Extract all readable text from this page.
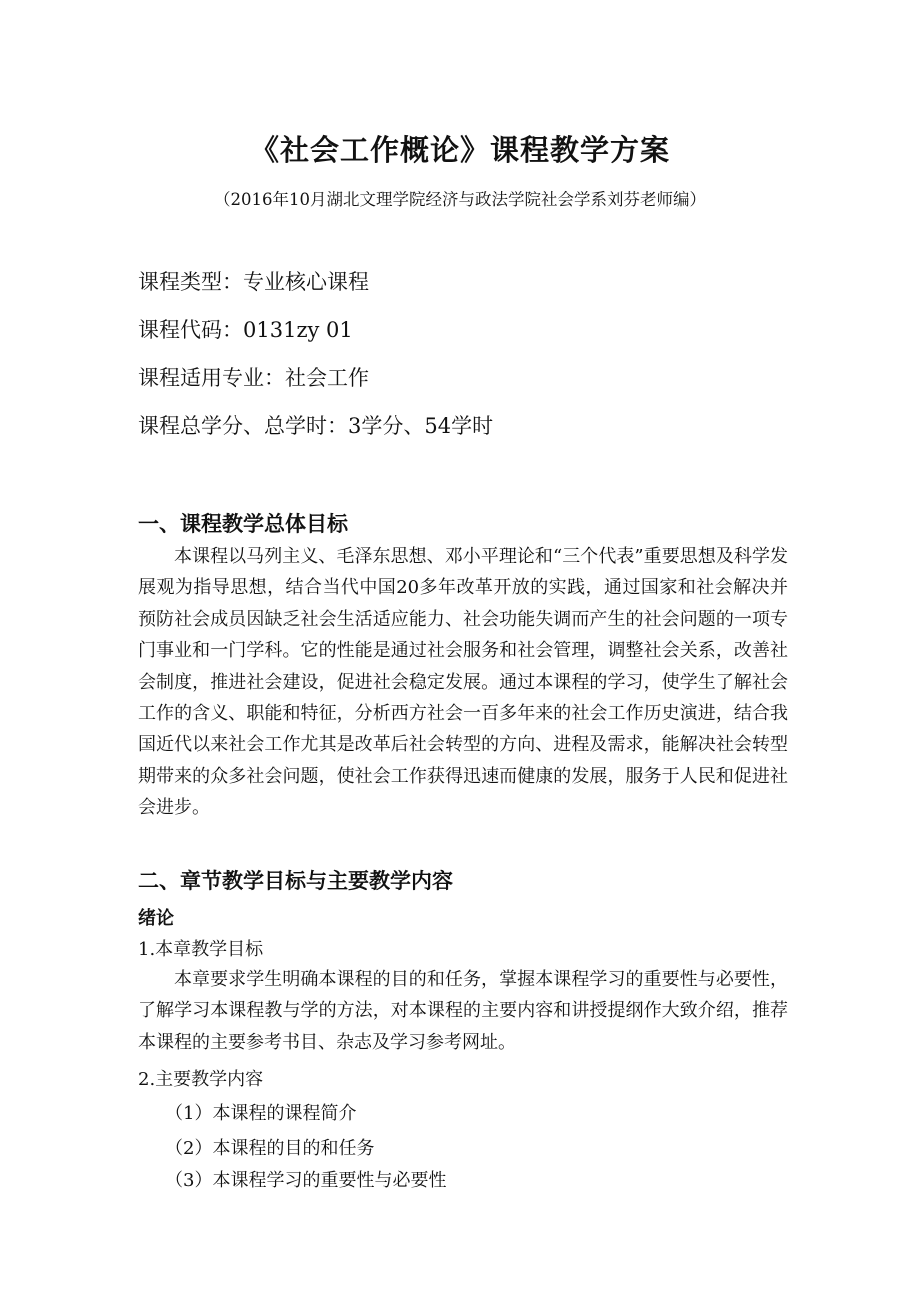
《社会工作概论》课程教学方案
（2016年10月湖北文理学院经济与政法学院社会学系刘芬老师编）
课程类型：专业核心课程
课程代码：0131zy 01
课程适用专业：社会工作
课程总学分、总学时：3学分、54学时
一、课程教学总体目标

本课程以马列主义、毛泽东思想、邓小平理论和“三个代表”重要思想及科学发展观为指导思想，结合当代中国20多年改革开放的实践，通过国家和社会解决并预防社会成员因缺乏社会生活适应能力、社会功能失调而产生的社会问题的一项专门事业和一门学科。它的性能是通过社会服务和社会管理，调整社会关系，改善社会制度，推进社会建设，促进社会稳定发展。通过本课程的学习，使学生了解社会工作的含义、职能和特征，分析西方社会一百多年来的社会工作历史演进，结合我国近代以来社会工作尤其是改革后社会转型的方向、进程及需求，能解决社会转型期带来的众多社会问题，使社会工作获得迅速而健康的发展，服务于人民和促进社会进步。

二、章节教学目标与主要教学内容
绪论
1.本章教学目标

本章要求学生明确本课程的目的和任务，掌握本课程学习的重要性与必要性，了解学习本课程教与学的方法，对本课程的主要内容和讲授提纲作大致介绍，推荐本课程的主要参考书目、杂志及学习参考网址。

2.主要教学内容
（1）本课程的课程简介
（2）本课程的目的和任务
（3）本课程学习的重要性与必要性
